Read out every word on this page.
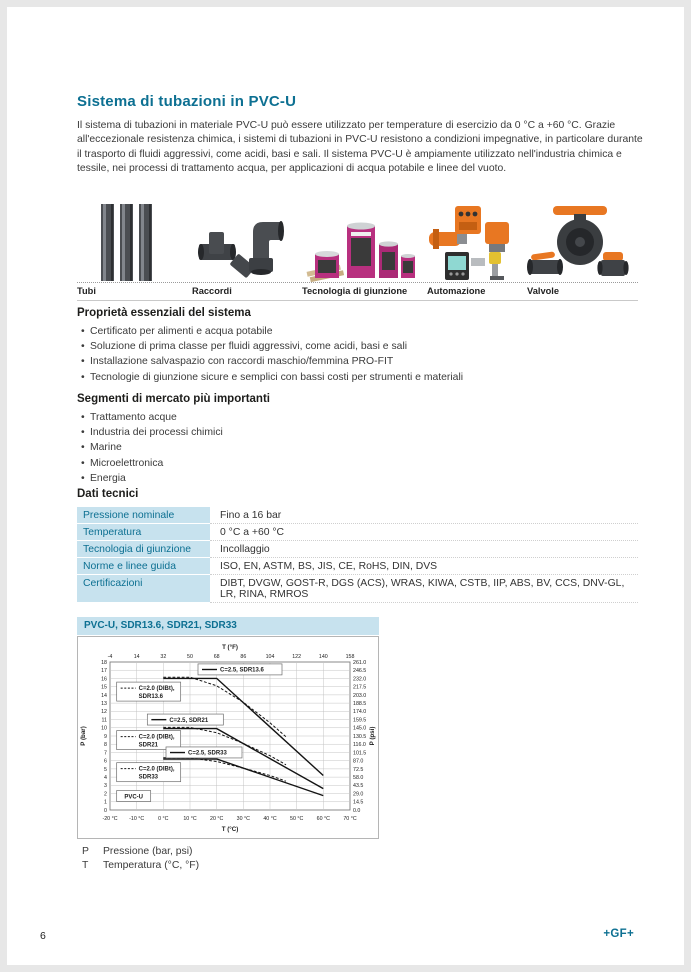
Sistema di tubazioni in PVC-U

Il sistema di tubazioni in materiale PVC-U può essere utilizzato per temperature di esercizio da 0 °C a +60 °C. Grazie all'eccezionale resistenza chimica, i sistemi di tubazioni in PVC-U resistono a condizioni impegnative, in particolare durante il trasporto di fluidi aggressivi, come acidi, basi e sali. Il sistema PVC-U è ampiamente utilizzato nell'industria chimica e tessile, nei processi di trattamento acqua, per applicazioni di acqua potabile e linee del vuoto.

Tubi	Raccordi	Tecnologia di giunzione	Automazione	Valvole
Proprietà essenziali del sistema
• Certificato per alimenti e acqua potabile
• Soluzione di prima classe per fluidi aggressivi, come acidi, basi e sali
• Installazione salvaspazio con raccordi maschio/femmina PRO-FIT
• Tecnologie di giunzione sicure e semplici con bassi costi per strumenti e materiali
Segmenti di mercato più importanti
• Trattamento acque
• Industria dei processi chimici
• Marine
• Microelettronica
• Energia
Dati tecnici
Pressione nominale	Fino a 16 bar
Temperatura	0 °C a +60 °C
Tecnologia di giunzione	Incollaggio
Norme e linee guida	ISO, EN, ASTM, BS, JIS, CE, RoHS, DIN, DVS
Certificazioni	DIBT, DVGW, GOST-R, DGS (ACS), WRAS, KIWA, CSTB, IIP, ABS, BV, CCS, DNV-GL, LR, RINA, RMROS
PVC-U, SDR13.6, SDR21, SDR33
-20 °C
-4
-10 °C
14
0 °C
32
10 °C
50
20 °C
68
30 °C
86
40 °C
104
50 °C
122
60 °C
140
70 °C
158
0	0.0
1	14.5
2	29.0
3	43.5
4	58.0
5	72.5
6	87.0
7	101.5
8	116.0
9	130.5
10	145.0
11	159.5
12	174.0
13	188.5
14	203.0
15	217.5
16	232.0
17	246.5
18	261.0
T (°F)
T (°C)
P (bar)	P (psi)
C=2.5, SDR13.6
C=2.0 (DIBt),
SDR13.6
C=2.5, SDR21
C=2.0 (DIBt),
SDR21
C=2.5, SDR33
C=2.0 (DIBt),
SDR33
PVC-U
P	Pressione (bar, psi)
T	Temperatura (°C, °F)
6	+GF+
